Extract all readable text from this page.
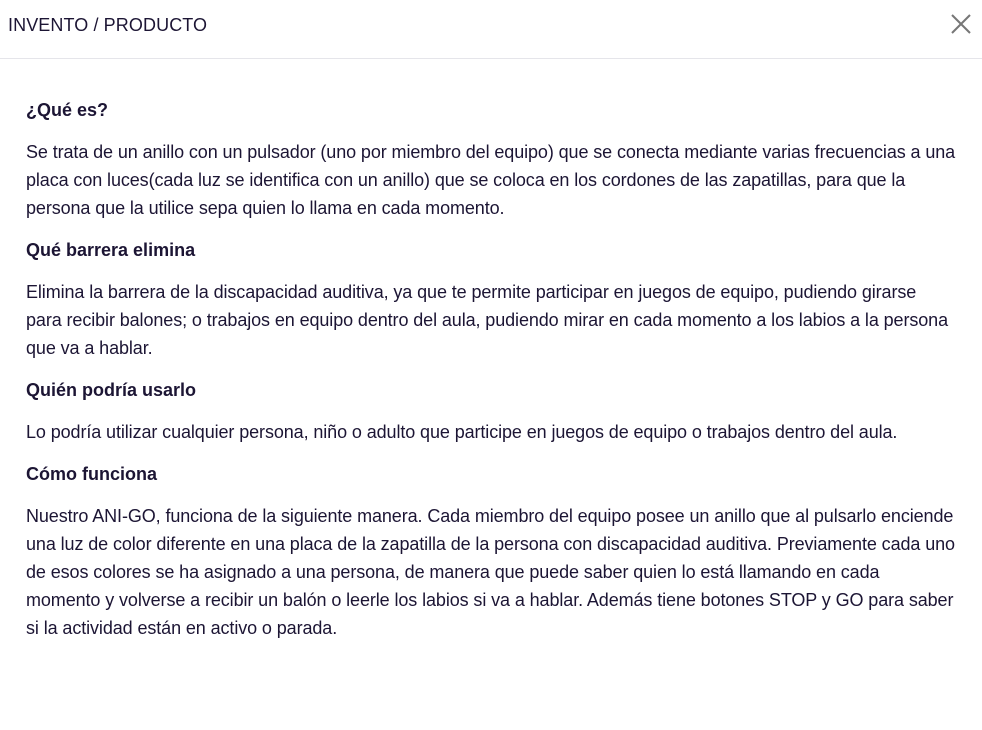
INVENTO / PRODUCTO
¿Qué es?
Se trata de un anillo con un pulsador (uno por miembro del equipo) que se conecta mediante varias frecuencias a una placa con luces(cada luz se identifica con un anillo) que se coloca en los cordones de las zapatillas, para que la persona que la utilice sepa quien lo llama en cada momento.
Qué barrera elimina
Elimina la barrera de la discapacidad auditiva, ya que te permite participar en juegos de equipo, pudiendo girarse para recibir balones; o trabajos en equipo dentro del aula, pudiendo mirar en cada momento a los labios a la persona que va a hablar.
Quién podría usarlo
Lo podría utilizar cualquier persona, niño o adulto que participe en juegos de equipo o trabajos dentro del aula.
Cómo funciona
Nuestro ANI-GO, funciona de la siguiente manera. Cada miembro del equipo posee un anillo que al pulsarlo enciende una luz de color diferente en una placa de la zapatilla de la persona con discapacidad auditiva. Previamente cada uno de esos colores se ha asignado a una persona, de manera que puede saber quien lo está llamando en cada momento y volverse a recibir un balón o leerle los labios si va a hablar. Además tiene botones STOP y GO para saber si la actividad están en activo o parada.
